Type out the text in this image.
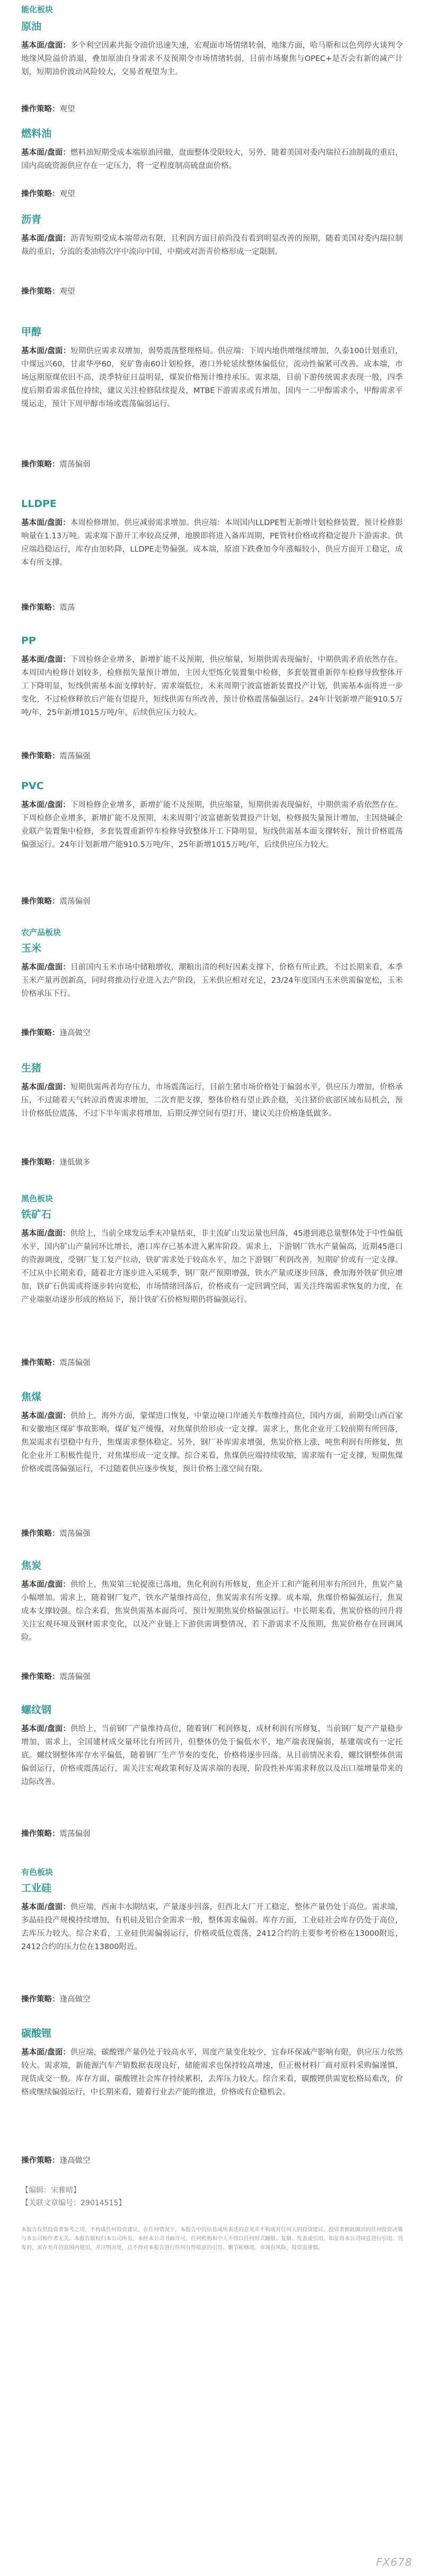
能化板块
原油
基本面/盘面：多个利空因素共振令油价迅速失速，宏观面市场情绪转弱，地缘方面，哈马斯和以色列停火谈判令地缘风险溢价消退，叠加原油自身需求不及预期令市场情绪转弱，目前市场聚焦与OPEC+是否会有新的减产计划，短期油价波动风险较大，交易者观望为主。
操作策略：观望
燃料油
基本面/盘面：燃料油短期受成本端原油回撤，盘面整体受限较大，另外，随着美国对委内瑞拉石油制裁的重启，国内高硫资源供应存在一定压力，将一定程度制高硫盘面价格。
操作策略：观望
沥青
基本面/盘面：沥青短期受成本端带动有限，且利润方面目前尚没有看到明显改善的预期，随着美国对委内瑞拉制裁的重启，分流的委油将次序中流向中国，中期或对沥青价格形成一定限制。
操作策略：观望
甲醇
基本面/盘面：短期供应需求双增加，弱势震荡整理格局。供应端：下周内地供增继续增加，久泰100计划重启，中煤远兴60，甘肃华亭60，兖矿鲁南60计划检修，港口外轮延续整体偏低位，流动性偏紧可改善。成本端，市场远期原煤依旧不高，淡季特征日益明显，煤炭价格预计维持承压。需求端，目前下游传统需求表现一般，四季度后期看需求低位持续，建议关注检修陆续提及，MTBE下游需求或有增加，国内一二甲醇需求小，甲醇需求平缓运走，预计下周甲醇市场或震荡偏弱运行。
操作策略：震荡偏弱
LLDPE
基本面/盘面：本周检修增加，供应减弱需求增加。供应端：本周国内LLDPE暂无新增计划检修装置，预计检修影响量在1.13万吨。需求端下游开工率较高反弹，地膜即将进入备库周期，PE管材价格或将稳定提升下游需求。供应端趋稳运行，库存由加转降，LLDPE走势偏强。成本端，原油下跌叠加今年涨幅较小，供应方面开工稳定，成本有所支撑。
操作策略：震荡
PP
基本面/盘面：下周检修企业增多，新增扩能不及预期，供应缩量，短期供需表现偏好，中期供需矛盾依然存在。本周国内检修计划较多，检修损失量预计增加，主因大型炼化装置集中检修，多套装置重新停车检修导致整体开工下降明显，短线供需基本面支撑转好。需求端低位，未来周期宁波富德新装置投产计划，供需基本面将进一步变化，不过检修释放后产能有望提升，短线供需有所改善，预计价格震荡偏强运行。24年计划新增产能910.5万吨/年，25年新增1015万吨/年，后续供应压力较大。
操作策略：震荡偏强
PVC
基本面/盘面：下周检修企业增多，新增扩能不及预期，供应缩量，短期供需表现偏好，中期供需矛盾依然存在。下周检修企业增多，新增扩能不及预期，未来周期宁波富德新装置投产计划，检修损失量预计增加，主因烧碱企业联产装置集中检修，多套装置重新停车检修导致整体开工下降明显，短线供需基本面支撑转好，预计价格震荡偏强运行。24年计划新增产能910.5万吨/年，25年新增1015万吨/年，后续供应压力较大。
操作策略：震荡偏弱
农产品板块
玉米
基本面/盘面：目前国内玉米市场中储粮增收，潮粮出清的利好因素支撑下，价格有所止跌，不过长期来看，本季玉米产量再创新高，同时将推动行业进入去产阶段，玉米供应相对充足，23/24年度国内玉米供需偏宽松，玉米价格承压下行。
操作策略：逢高做空
生猪
基本面/盘面：短期供需两者均存压力，市场震荡运行，目前生猪市场价格处于偏弱水平，供应压力增加，价格承压，不过随着天气转凉消费需求增加，二次育肥支撑，整体价格有望止跌企稳，关注猪价底部区域布局机会，预计价格低位震荡，不过下半年需求将增加，后期反弹空间有望打开，建议关注价格逢低做多。
操作策略：逢低做多
黑色板块
铁矿石
基本面/盘面：供给上，当前全球发运季末冲量结束，非主流矿山发运量也回落，45港到港总量整体处于中性偏低水平，国内矿山产量同环比增长，港口库存已基本进入累库阶段。需求上，下游钢厂铁水产量偏高，近期45港口的资源调度，受钢厂复工复产拉动，铁矿需求处于较高水平，加之下游钢厂利润改善，短期矿价或有一定支撑。不过从中长期来看，随着北方逐步进入采暖季，钢厂限产预期增强，铁水产量或逐步回落，叠加海外铁矿供应增加，铁矿石供需或将逐步转向宽松，市场情绪回落后，价格或有一定回调空间，需关注终端需求恢复的力度，在产业端驱动逐步形成的格局下，预计铁矿石价格短期仍将偏强运行。
操作策略：震荡偏强
焦煤
基本面/盘面：供给上，海外方面，蒙煤进口恢复，中蒙边境口岸通关车数维持高位，国内方面，前期受山西百家和安徽地区煤矿事故影响，煤矿复产缓慢，对焦煤供给形成一定支撑。需求上，焦化企业开工较前期有所回落，焦炭需求有望稳中有升，焦煤需求整体稳定。另外，钢厂补库需求增强，焦炭价格上涨，吨焦利润有所修复，焦化企业开工积极性提升，对焦煤形成一定支撑。综合来看，焦煤供应端持续收缩，需求端有一定支撑，短期焦煤价格或震荡偏强运行，不过随着供应逐步恢复，预计价格上涨空间有限。
操作策略：震荡偏强
焦炭
基本面/盘面：供给上，焦炭第三轮提涨已落地，焦化利润有所修复，焦企开工和产能利用率有所回升，焦炭产量小幅增加。需求上，随着钢厂复产，铁水产量维持高位，焦炭需求有所支撑。成本端，焦煤价格偏强运行，焦炭成本支撑较强。综合来看，焦炭供需基本面尚可，预计短期焦炭价格偏强运行。中长期来看，焦炭价格的回升将关注宏观环境及钢材需求变化，以及产业链上下游供需调整情况，若下游需求不及预期，焦炭价格存在回调风险。
操作策略：震荡偏强
螺纹钢
基本面/盘面：供给上，当前钢厂产量维持高位，随着钢厂利润修复，成材利润有所修复，当前钢厂复产产量稳步增加，需求上，全国建材成交量环比有所回升，但整体仍处于偏低水平，地产端表现偏弱，基建端或有一定托底。螺纹钢整体库存水平偏低，随着钢厂生产节奏的变化，价格将逐步回落。从目前情况来看，螺纹钢整体供需偏弱运行，价格或震荡运行，需关注宏观政策利好及需求端的表现，阶段性补库需求释放以及出口端增量带来的边际改善。
操作策略：震荡偏弱
有色板块
工业硅
基本面/盘面：供应端，西南丰水期结束，产量逐步回落，但西北大厂开工稳定，整体产量仍处于高位。需求端，多晶硅投产规模持续增加，有机硅及铝合金需求一般，整体需求偏弱。库存方面，工业硅社会库存仍处于高位，去库压力较大。综合来看，工业硅供需偏弱运行，价格或低位震荡，2412合约的主要参考价格在13000附近，2412合约的压力位在13800附近。
操作策略：逢高做空
碳酸锂
基本面/盘面：供应端，碳酸锂产量仍处于较高水平，周度产量变化较少，宜春环保减产影响有限，供应压力依然较大。需求端，新能源汽车产销数据表现良好，储能需求也保持较高增速，但正极材料厂商对原料采购偏谨慎，现货成交一般。库存方面，碳酸锂社会库存持续累积，去库压力较大。综合来看，碳酸锂供需宽松格局难改，价格或继续偏弱运行，中长期来看，随着行业去产能的推进，价格或有企稳机会。
操作策略：逢高做空
【编辑：宋雅晴】
【关联文章编号：29014515】
本报告仅供投资者参考之用，不构成任何投资建议。在任何情况下，本报告中的信息或所表述的意见并不构成对任何人的投资建议。投资者据此做出的任何投资决策与本公司和作者无关。本报告版权归本公司所有，未经本公司书面许可，任何机构和个人不得以任何形式翻版、复制、发表或引用。如征得本公司同意进行引用、刊发的，需在允许的范围内使用，并注明出处，且不得对本报告进行任何有悖原意的引用、删节和修改。市场有风险，投资需谨慎。
FX678
